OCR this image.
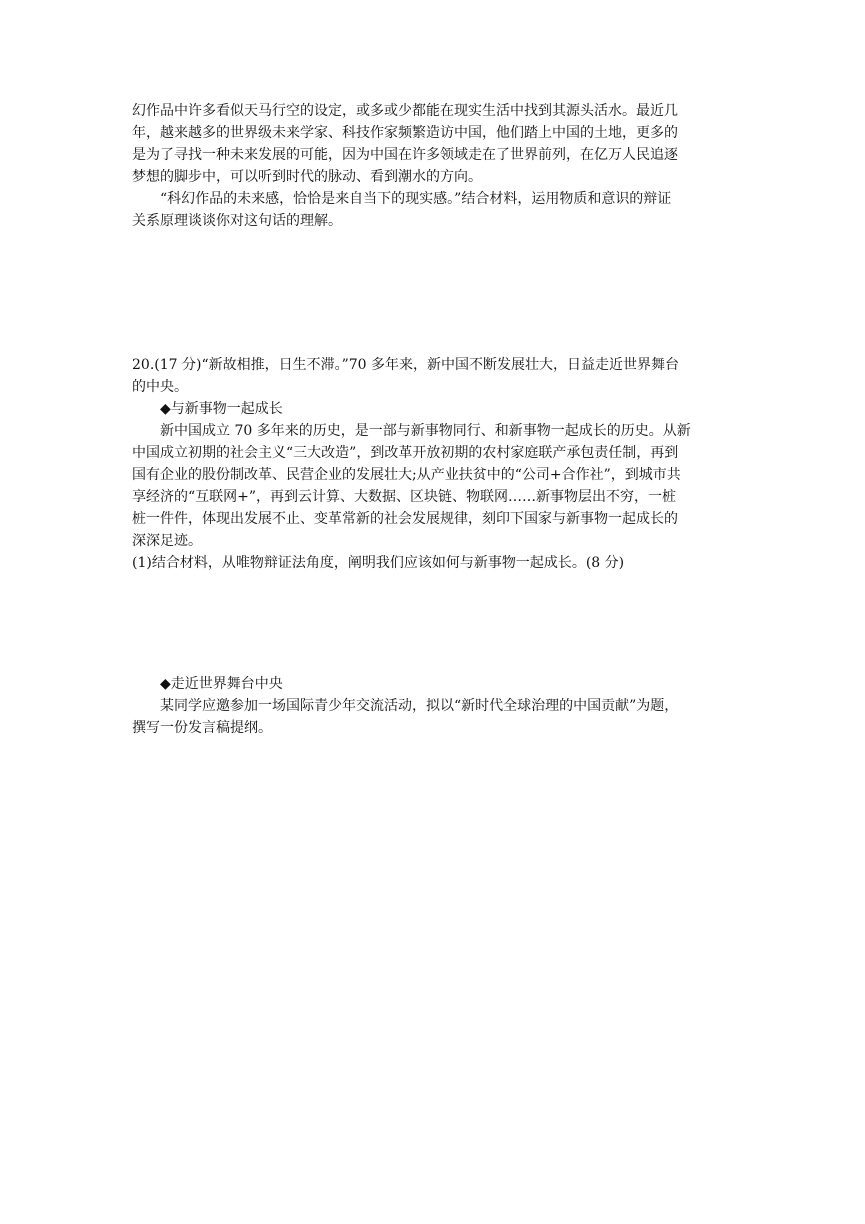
幻作品中许多看似天马行空的设定，或多或少都能在现实生活中找到其源头活水。最近几
年，越来越多的世界级未来学家、科技作家频繁造访中国，他们踏上中国的土地，更多的
是为了寻找一种未来发展的可能，因为中国在许多领域走在了世界前列，在亿万人民追逐
梦想的脚步中，可以听到时代的脉动、看到潮水的方向。
“科幻作品的未来感，恰恰是来自当下的现实感。”结合材料，运用物质和意识的辩证
关系原理谈谈你对这句话的理解。
20.(17 分)“新故相推，日生不滞。”70 多年来，新中国不断发展壮大，日益走近世界舞台
的中央。
◆与新事物一起成长
新中国成立 70 多年来的历史，是一部与新事物同行、和新事物一起成长的历史。从新
中国成立初期的社会主义“三大改造”，到改革开放初期的农村家庭联产承包责任制，再到
国有企业的股份制改革、民营企业的发展壮大;从产业扶贫中的“公司+合作社”，到城市共
享经济的“互联网+”，再到云计算、大数据、区块链、物联网……新事物层出不穷，一桩
桩一件件，体现出发展不止、变革常新的社会发展规律，刻印下国家与新事物一起成长的
深深足迹。
(1)结合材料，从唯物辩证法角度，阐明我们应该如何与新事物一起成长。(8 分)
◆走近世界舞台中央
某同学应邀参加一场国际青少年交流活动，拟以“新时代全球治理的中国贡献”为题，
撰写一份发言稿提纲。
